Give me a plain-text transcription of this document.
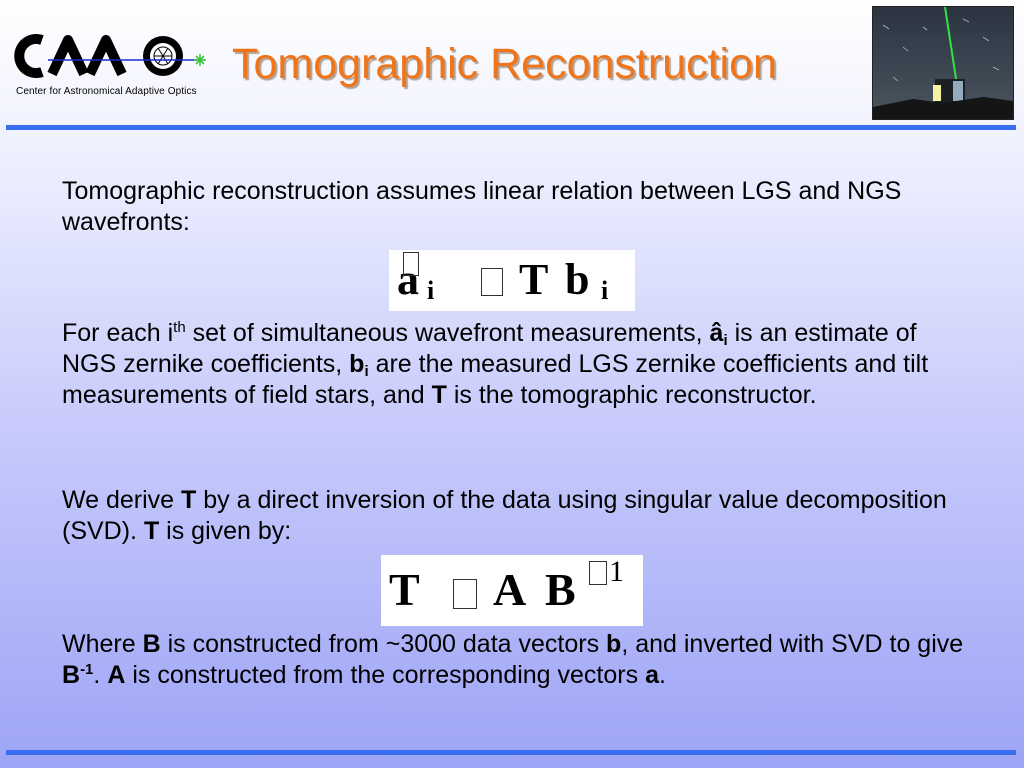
Center for Astronomical Adaptive Optics
Tomographic Reconstruction
Tomographic reconstruction assumes linear relation between LGS and NGS wavefronts:
a i T b i
For each $i^{th}$ set of simultaneous wavefront measurements, $â_i$ is an estimate of NGS zernike coefficients, $b_i$ are the measured LGS zernike coefficients and tilt measurements of field stars, and T is the tomographic reconstructor.
We derive T by a direct inversion of the data using singular value decomposition (SVD). T is given by:
T A B 1
Where B is constructed from ~3000 data vectors b, and inverted with SVD to give $B^{-1}$. A is constructed from the corresponding vectors a.
